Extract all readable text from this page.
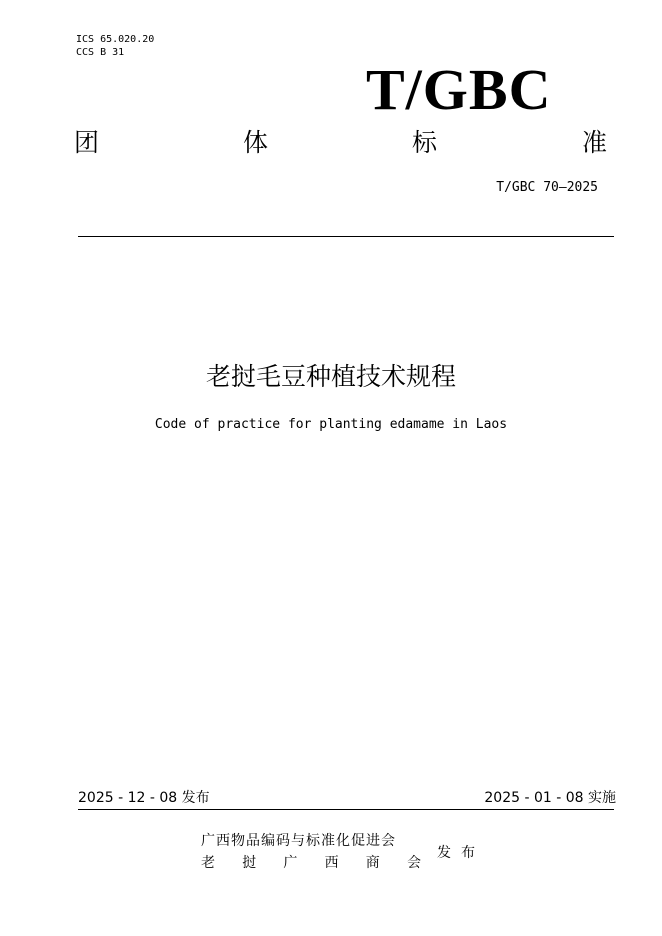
ICS 65.020.20
CCS B 31
T/GBC
团	体	标	准
T/GBC 70—2025
老挝毛豆种植技术规程
Code of practice for planting edamame in Laos
2025 - 12 - 08 发布	2025 - 01 - 08 实施
广西物品编码与标准化促进会
老 挝 广 西 商 会
发布
